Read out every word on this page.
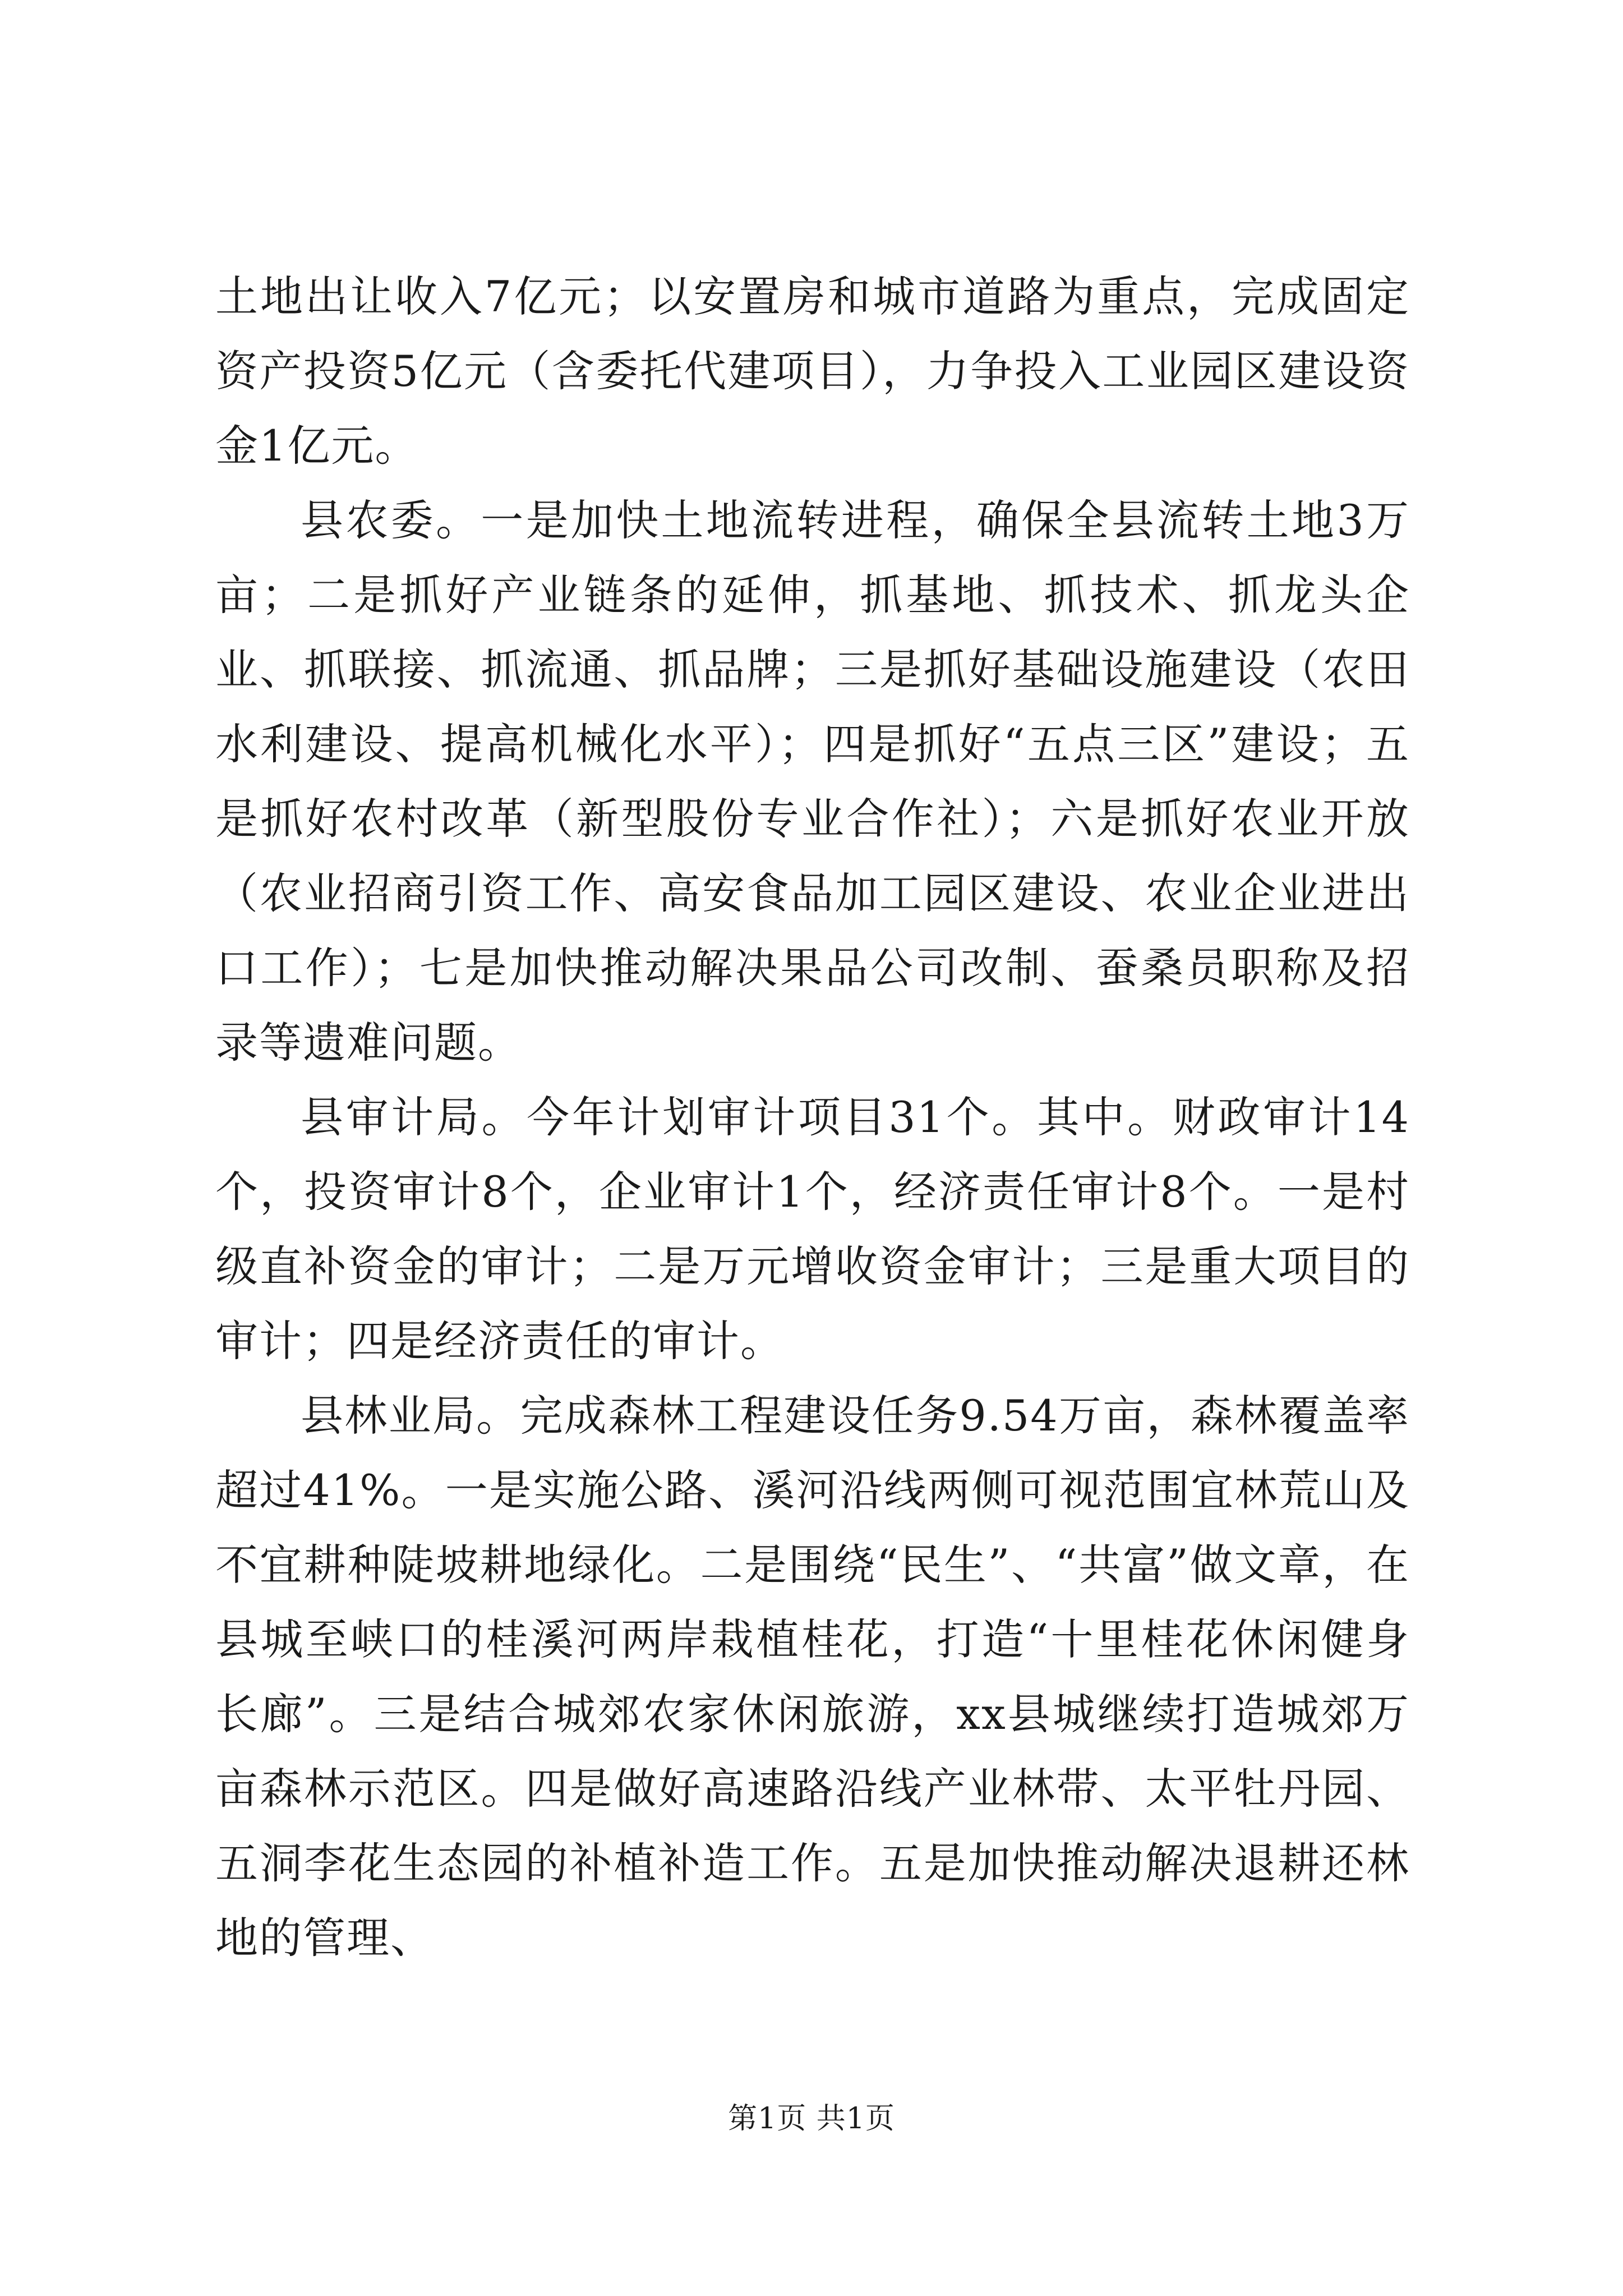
土地出让收入7亿元；以安置房和城市道路为重点，完成固定资产投资5亿元（含委托代建项目），力争投入工业园区建设资金1亿元。

县农委。一是加快土地流转进程，确保全县流转土地3万亩；二是抓好产业链条的延伸，抓基地、抓技术、抓龙头企业、抓联接、抓流通、抓品牌；三是抓好基础设施建设（农田水利建设、提高机械化水平）；四是抓好“五点三区”建设；五是抓好农村改革（新型股份专业合作社）；六是抓好农业开放（农业招商引资工作、高安食品加工园区建设、农业企业进出口工作）；七是加快推动解决果品公司改制、蚕桑员职称及招录等遗难问题。

县审计局。今年计划审计项目31个。其中。财政审计14个，投资审计8个，企业审计1个，经济责任审计8个。一是村级直补资金的审计；二是万元增收资金审计；三是重大项目的审计；四是经济责任的审计。

县林业局。完成森林工程建设任务9.54万亩，森林覆盖率超过41%。一是实施公路、溪河沿线两侧可视范围宜林荒山及不宜耕种陡坡耕地绿化。二是围绕“民生”、“共富”做文章，在县城至峡口的桂溪河两岸栽植桂花，打造“十里桂花休闲健身长廊”。三是结合城郊农家休闲旅游，xx县城继续打造城郊万亩森林示范区。四是做好高速路沿线产业林带、太平牡丹园、五洞李花生态园的补植补造工作。五是加快推动解决退耕还林地的管理、

第1页 共1页
